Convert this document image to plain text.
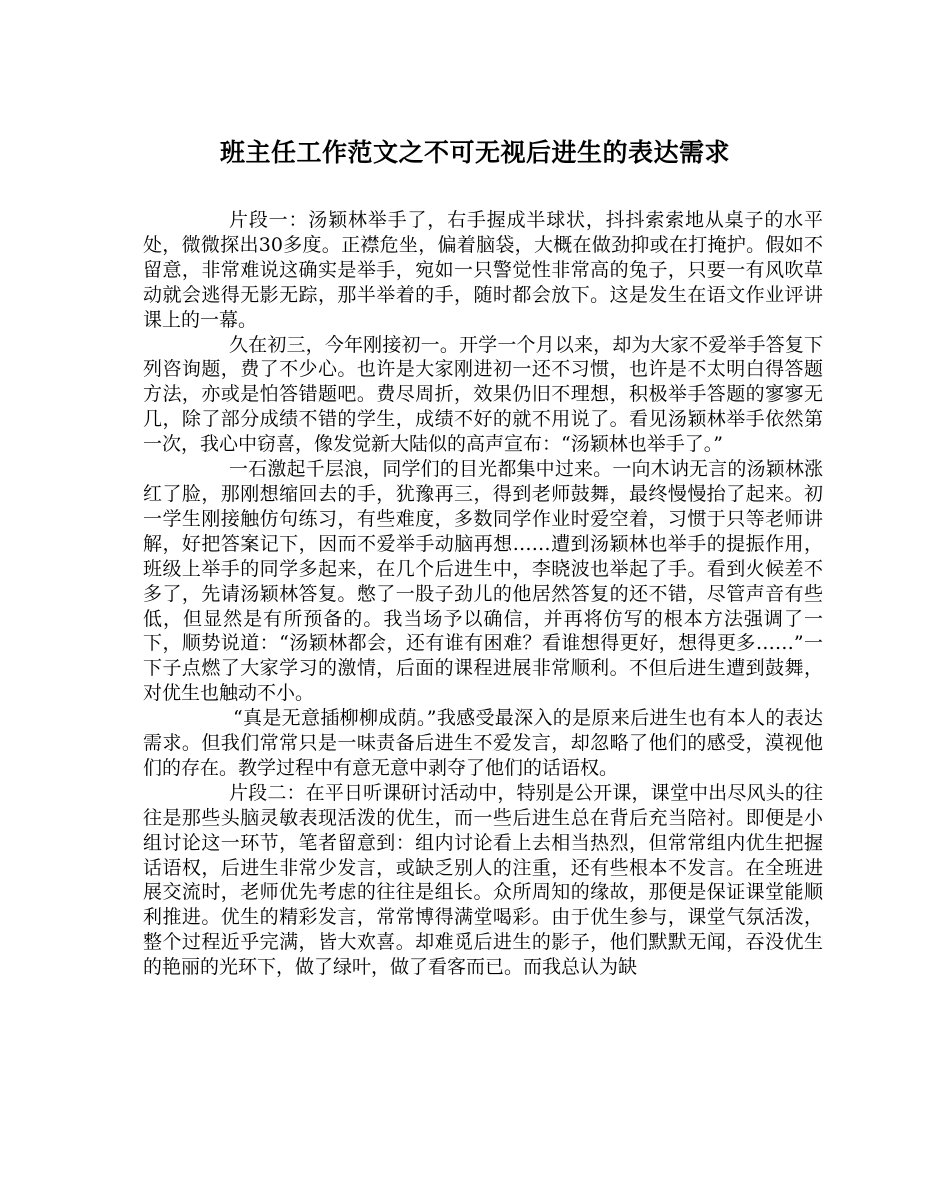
班主任工作范文之不可无视后进生的表达需求

片段一：汤颖林举手了，右手握成半球状，抖抖索索地从桌子的水平处，微微探出30多度。正襟危坐，偏着脑袋，大概在做劲抑或在打掩护。假如不留意，非常难说这确实是举手，宛如一只警觉性非常高的兔子，只要一有风吹草动就会逃得无影无踪，那半举着的手，随时都会放下。这是发生在语文作业评讲课上的一幕。

久在初三，今年刚接初一。开学一个月以来，却为大家不爱举手答复下列咨询题，费了不少心。也许是大家刚进初一还不习惯，也许是不太明白得答题方法，亦或是怕答错题吧。费尽周折，效果仍旧不理想，积极举手答题的寥寥无几，除了部分成绩不错的学生，成绩不好的就不用说了。看见汤颖林举手依然第一次，我心中窃喜，像发觉新大陆似的高声宣布：“汤颖林也举手了。”

一石激起千层浪，同学们的目光都集中过来。一向木讷无言的汤颖林涨红了脸，那刚想缩回去的手，犹豫再三，得到老师鼓舞，最终慢慢抬了起来。初一学生刚接触仿句练习，有些难度，多数同学作业时爱空着，习惯于只等老师讲解，好把答案记下，因而不爱举手动脑再想……遭到汤颖林也举手的提振作用，班级上举手的同学多起来，在几个后进生中，李晓波也举起了手。看到火候差不多了，先请汤颖林答复。憋了一股子劲儿的他居然答复的还不错，尽管声音有些低，但显然是有所预备的。我当场予以确信，并再将仿写的根本方法强调了一下，顺势说道：“汤颖林都会，还有谁有困难？看谁想得更好，想得更多……”一下子点燃了大家学习的激情，后面的课程进展非常顺利。不但后进生遭到鼓舞，对优生也触动不小。

“真是无意插柳柳成荫。”我感受最深入的是原来后进生也有本人的表达需求。但我们常常只是一味责备后进生不爱发言，却忽略了他们的感受，漠视他们的存在。教学过程中有意无意中剥夺了他们的话语权。

片段二：在平日听课研讨活动中，特别是公开课，课堂中出尽风头的往往是那些头脑灵敏表现活泼的优生，而一些后进生总在背后充当陪衬。即便是小组讨论这一环节，笔者留意到：组内讨论看上去相当热烈，但常常组内优生把握话语权，后进生非常少发言，或缺乏别人的注重，还有些根本不发言。在全班进展交流时，老师优先考虑的往往是组长。众所周知的缘故，那便是保证课堂能顺利推进。优生的精彩发言，常常博得满堂喝彩。由于优生参与，课堂气氛活泼，整个过程近乎完满，皆大欢喜。却难觅后进生的影子，他们默默无闻，吞没优生的艳丽的光环下，做了绿叶，做了看客而已。而我总认为缺
